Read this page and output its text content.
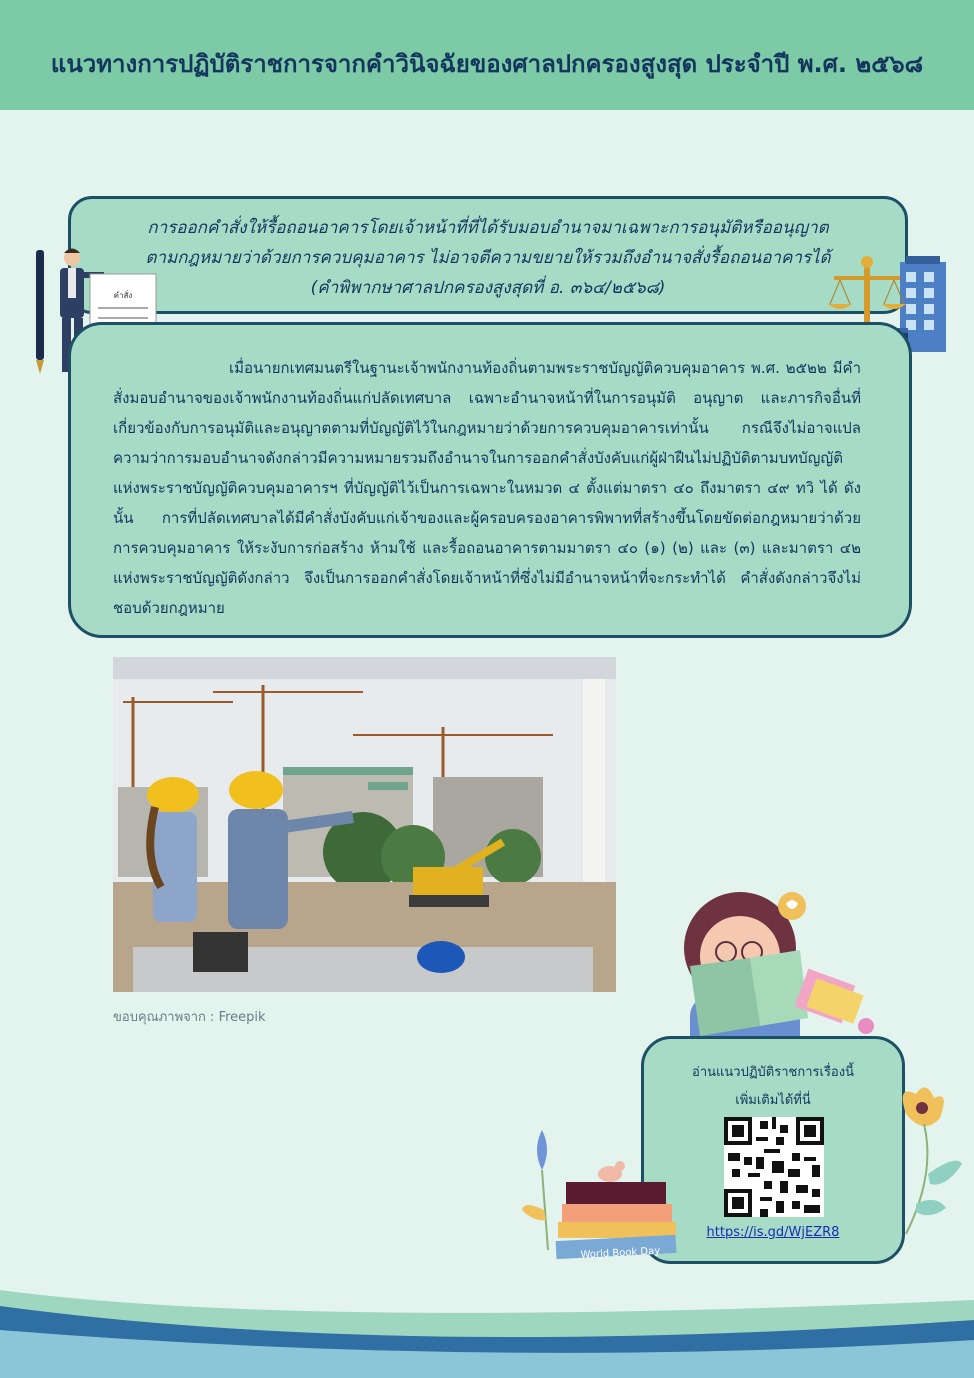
แนวทางการปฏิบัติราชการจากคำวินิจฉัยของศาลปกครองสูงสุด ประจำปี พ.ศ. ๒๕๖๘
การออกคำสั่งให้รื้อถอนอาคารโดยเจ้าหน้าที่ที่ได้รับมอบอำนาจมาเฉพาะการอนุมัติหรืออนุญาต
ตามกฎหมายว่าด้วยการควบคุมอาคาร ไม่อาจตีความขยายให้รวมถึงอำนาจสั่งรื้อถอนอาคารได้
(คำพิพากษาศาลปกครองสูงสุดที่ อ. ๓๖๔/๒๕๖๘)
คำสั่ง
เมื่อนายกเทศมนตรีในฐานะเจ้าพนักงานท้องถิ่นตามพระราชบัญญัติควบคุมอาคาร พ.ศ. ๒๕๒๒ มีคำสั่งมอบอำนาจของเจ้าพนักงานท้องถิ่นแก่ปลัดเทศบาล เฉพาะอำนาจหน้าที่ในการอนุมัติ อนุญาต และภารกิจอื่นที่เกี่ยวข้องกับการอนุมัติและอนุญาตตามที่บัญญัติไว้ในกฎหมายว่าด้วยการควบคุมอาคารเท่านั้น กรณีจึงไม่อาจแปลความว่าการมอบอำนาจดังกล่าวมีความหมายรวมถึงอำนาจในการออกคำสั่งบังคับแก่ผู้ฝ่าฝืนไม่ปฏิบัติตามบทบัญญัติแห่งพระราชบัญญัติควบคุมอาคารฯ ที่บัญญัติไว้เป็นการเฉพาะในหมวด ๔ ตั้งแต่มาตรา ๔๐ ถึงมาตรา ๔๙ ทวิ ได้ ดังนั้น การที่ปลัดเทศบาลได้มีคำสั่งบังคับแก่เจ้าของและผู้ครอบครองอาคารพิพาทที่สร้างขึ้นโดยขัดต่อกฎหมายว่าด้วยการควบคุมอาคาร ให้ระงับการก่อสร้าง ห้ามใช้ และรื้อถอนอาคารตามมาตรา ๔๐ (๑) (๒) และ (๓) และมาตรา ๔๒ แห่งพระราชบัญญัติดังกล่าว จึงเป็นการออกคำสั่งโดยเจ้าหน้าที่ซึ่งไม่มีอำนาจหน้าที่จะกระทำได้ คำสั่งดังกล่าวจึงไม่ชอบด้วยกฎหมาย
ขอบคุณภาพจาก : Freepik
อ่านแนวปฏิบัติราชการเรื่องนี้
เพิ่มเติมได้ที่นี่
https://is.gd/WjEZR8
World Book Day
